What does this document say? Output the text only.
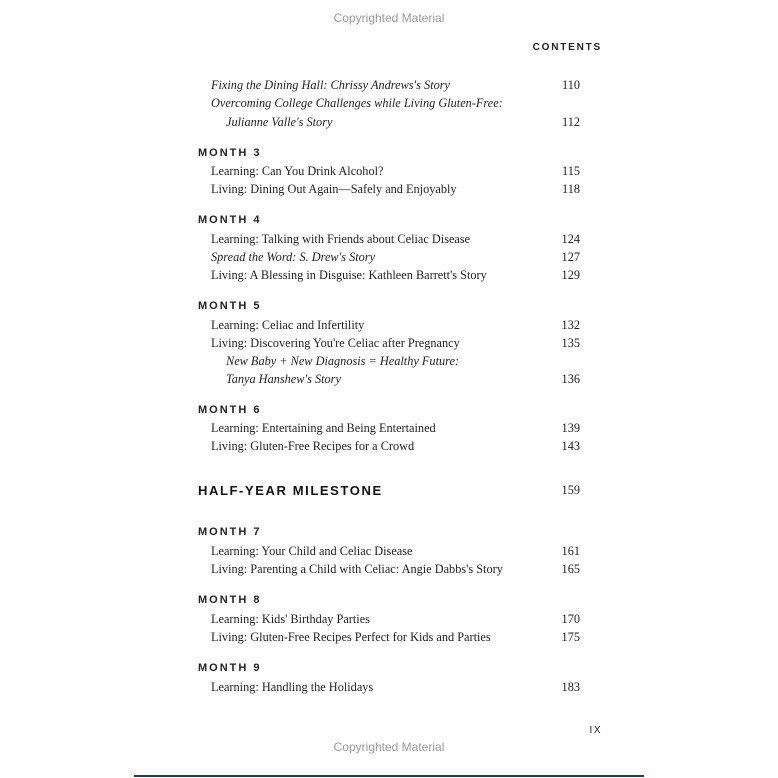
Copyrighted Material
CONTENTS
Fixing the Dining Hall: Chrissy Andrews's Story	110
Overcoming College Challenges while Living Gluten-Free:
Julianne Valle's Story	112
MONTH 3
Learning: Can You Drink Alcohol?	115
Living: Dining Out Again—Safely and Enjoyably	118
MONTH 4
Learning: Talking with Friends about Celiac Disease	124
Spread the Word: S. Drew's Story	127
Living: A Blessing in Disguise: Kathleen Barrett's Story	129
MONTH 5
Learning: Celiac and Infertility	132
Living: Discovering You're Celiac after Pregnancy	135
New Baby + New Diagnosis = Healthy Future:
Tanya Hanshew's Story	136
MONTH 6
Learning: Entertaining and Being Entertained	139
Living: Gluten-Free Recipes for a Crowd	143
HALF-YEAR MILESTONE	159
MONTH 7
Learning: Your Child and Celiac Disease	161
Living: Parenting a Child with Celiac: Angie Dabbs's Story	165
MONTH 8
Learning: Kids' Birthday Parties	170
Living: Gluten-Free Recipes Perfect for Kids and Parties	175
MONTH 9
Learning: Handling the Holidays	183
IX
Copyrighted Material
